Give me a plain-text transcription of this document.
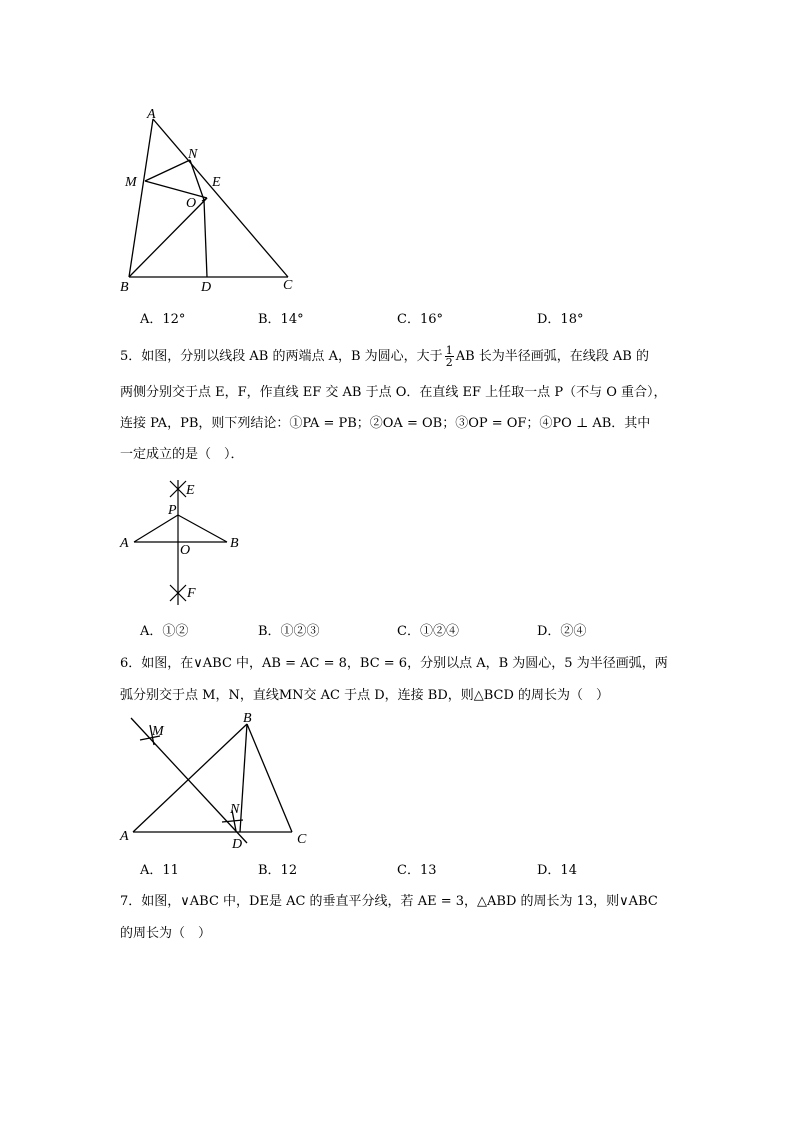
A
N
M	E
O
B	D	C
A．12°	B．14°	C．16°	D．18°
5．如图，分别以线段 AB 的两端点 A，B 为圆心，大于 $\frac{1}{2}$ AB 长为半径画弧，在线段 AB 的
两侧分别交于点 E，F，作直线 EF 交 AB 于点 O．在直线 EF 上任取一点 P（不与 O 重合），
连接 PA，PB，则下列结论：①PA = PB；②OA = OB；③OP = OF；④PO ⊥ AB．其中
一定成立的是（　）．
E
P
A	O	B
F
A．①②	B．①②③	C．①②④	D．②④
6．如图，在∨ABC 中，AB = AC = 8，BC = 6，分别以点 A，B 为圆心，5 为半径画弧，两
弧分别交于点 M，N，直线MN交 AC 于点 D，连接 BD，则△BCD 的周长为（　）
M
B
N
A
D	C
A．11	B．12	C．13	D．14
7．如图，∨ABC 中，DE是 AC 的垂直平分线，若 AE = 3，△ABD 的周长为 13，则∨ABC
的周长为（　）
